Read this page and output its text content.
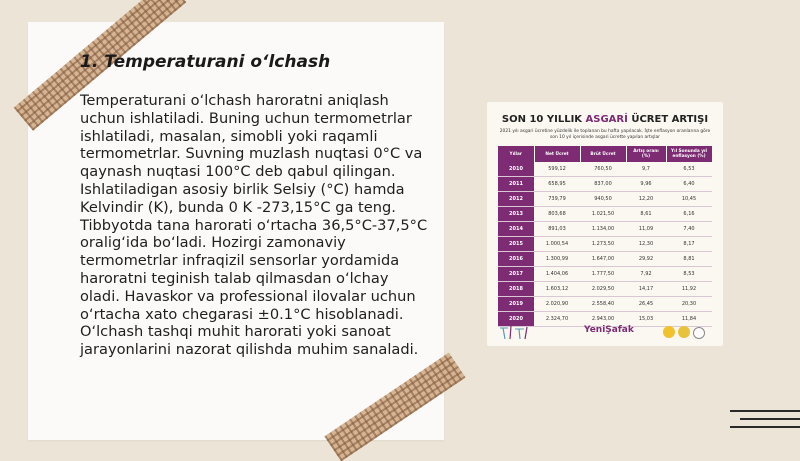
1. Temperaturani o‘lchash

Temperaturani o‘lchash haroratni aniqlash uchun ishlatiladi. Buning uchun termometrlar ishlatiladi, masalan, simobli yoki raqamli termometrlar. Suvning muzlash nuqtasi 0°C va qaynash nuqtasi 100°C deb qabul qilingan. Ishlatiladigan asosiy birlik Selsiy (°C) hamda Kelvindir (K), bunda 0 K -273,15°C ga teng. Tibbyotda tana harorati o‘rtacha 36,5°C-37,5°C oralig‘ida bo‘ladi. Hozirgi zamonaviy termometrlar infraqizil sensorlar yordamida haroratni teginish talab qilmasdan o‘lchay oladi. Havaskor va professional ilovalar uchun o‘rtacha xato chegarasi ±0.1°C hisoblanadi. O‘lchash tashqi muhit harorati yoki sanoat jarayonlarini nazorat qilishda muhim sanaladi.

SON 10 YILLIK ASGARİ ÜCRET ARTIŞI
2021 yılı asgari ücretine yüzdelik ile toplanan bu hafta yapılacak. İşte enflasyon oranlarına göre son 10 yıl içerisinde asgari ücrette yapılan artışlar
Yıllar	Net Ücret	Brüt Ücret	Artış oranı (%)	Yıl Sonunda yıl enflasyon (%)
2010	599,12	760,50	9,7	6,53
2011	658,95	837,00	9,96	6,40
2012	739,79	940,50	12,20	10,45
2013	803,68	1.021,50	8,61	6,16
2014	891,03	1.134,00	11,09	7,40
2015	1.000,54	1.273,50	12,30	8,17
2016	1.300,99	1.647,00	29,92	8,81
2017	1.404,06	1.777,50	7,92	8,53
2018	1.603,12	2.029,50	14,17	11,92
2019	2.020,90	2.558,40	26,45	20,30
2020	2.324,70	2.943,00	15,03	11,84
YeniŞafak
